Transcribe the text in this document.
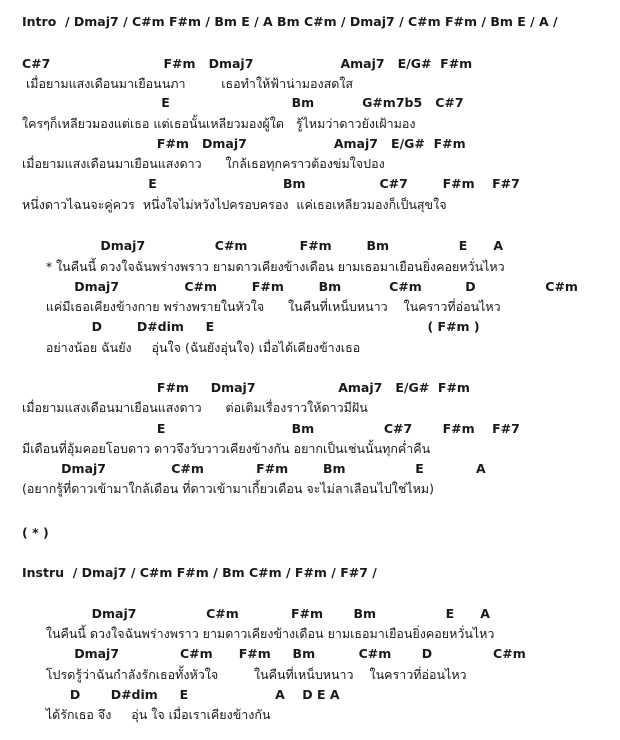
Intro  / Dmaj7 / C#m F#m / Bm E / A Bm C#m / Dmaj7 / C#m F#m / Bm E / A /
C#7                          F#m   Dmaj7                    Amaj7   E/G#  F#m
เมื่อยามแสงเดือนมาเยือนนภา         เธอทำให้ฟ้าน่ามองสดใส
E                            Bm           G#m7b5   C#7
ใครๆก็เหลียวมองแต่เธอ แต่เธอนั้นเหลียวมองผู้ใด   รู้ไหมว่าดาวยังเฝ้ามอง
F#m   Dmaj7                    Amaj7   E/G#  F#m
เมื่อยามแสงเดือนมาเยือนแสงดาว      ใกล้เธอทุกคราวต้องข่มใจปอง
E                             Bm                 C#7        F#m    F#7
หนึ่งดาวไฉนจะคู่ควร  หนึ่งใจไม่หวังไปครอบครอง  แค่เธอเหลียวมองก็เป็นสุขใจ
Dmaj7                C#m            F#m        Bm                E      A
* ในคืนนี้ ดวงใจฉันพร่างพราว ยามดาวเคียงข้างเดือน ยามเธอมาเยือนยิ่งคอยหวั่นไหว
Dmaj7               C#m        F#m        Bm           C#m          D                C#m
แค่มีเธอเคียงข้างกาย พร่างพรายในหัวใจ      ในคืนที่เหน็บหนาว    ในคราวที่อ่อนไหว
D        D#dim     E                                                 ( F#m )
อย่างน้อย ฉันยัง     อุ่นใจ (ฉันยังอุ่นใจ) เมื่อได้เคียงข้างเธอ
F#m     Dmaj7                   Amaj7   E/G#  F#m
เมื่อยามแสงเดือนมาเยือนแสงดาว      ต่อเติมเรื่องราวให้ดาวมีฝัน
E                             Bm                C#7       F#m    F#7
มีเดือนที่อุ้มคอยโอบดาว ดาวจึงวับวาวเคียงข้างกัน อยากเป็นเช่นนั้นทุกค่ำคืน
Dmaj7               C#m            F#m        Bm                E            A
(อยากรู้ที่ดาวเข้ามาใกล้เดือน ที่ดาวเข้ามาเกี้ยวเดือน จะไม่ลาเลือนไปใช่ไหม)
( * )
Instru  / Dmaj7 / C#m F#m / Bm C#m / F#m / F#7 /
Dmaj7                C#m            F#m       Bm                E      A
ในคืนนี้ ดวงใจฉันพร่างพราว ยามดาวเคียงข้างเดือน ยามเธอมาเยือนยิ่งคอยหวั่นไหว
Dmaj7              C#m      F#m     Bm          C#m       D              C#m
โปรดรู้ว่าฉันกำลังรักเธอทั้งหัวใจ         ในคืนที่เหน็บหนาว    ในคราวที่อ่อนไหว
D       D#dim     E                    A    D E A
ได้รักเธอ จึง     อุ่น ใจ เมื่อเราเคียงข้างกัน
